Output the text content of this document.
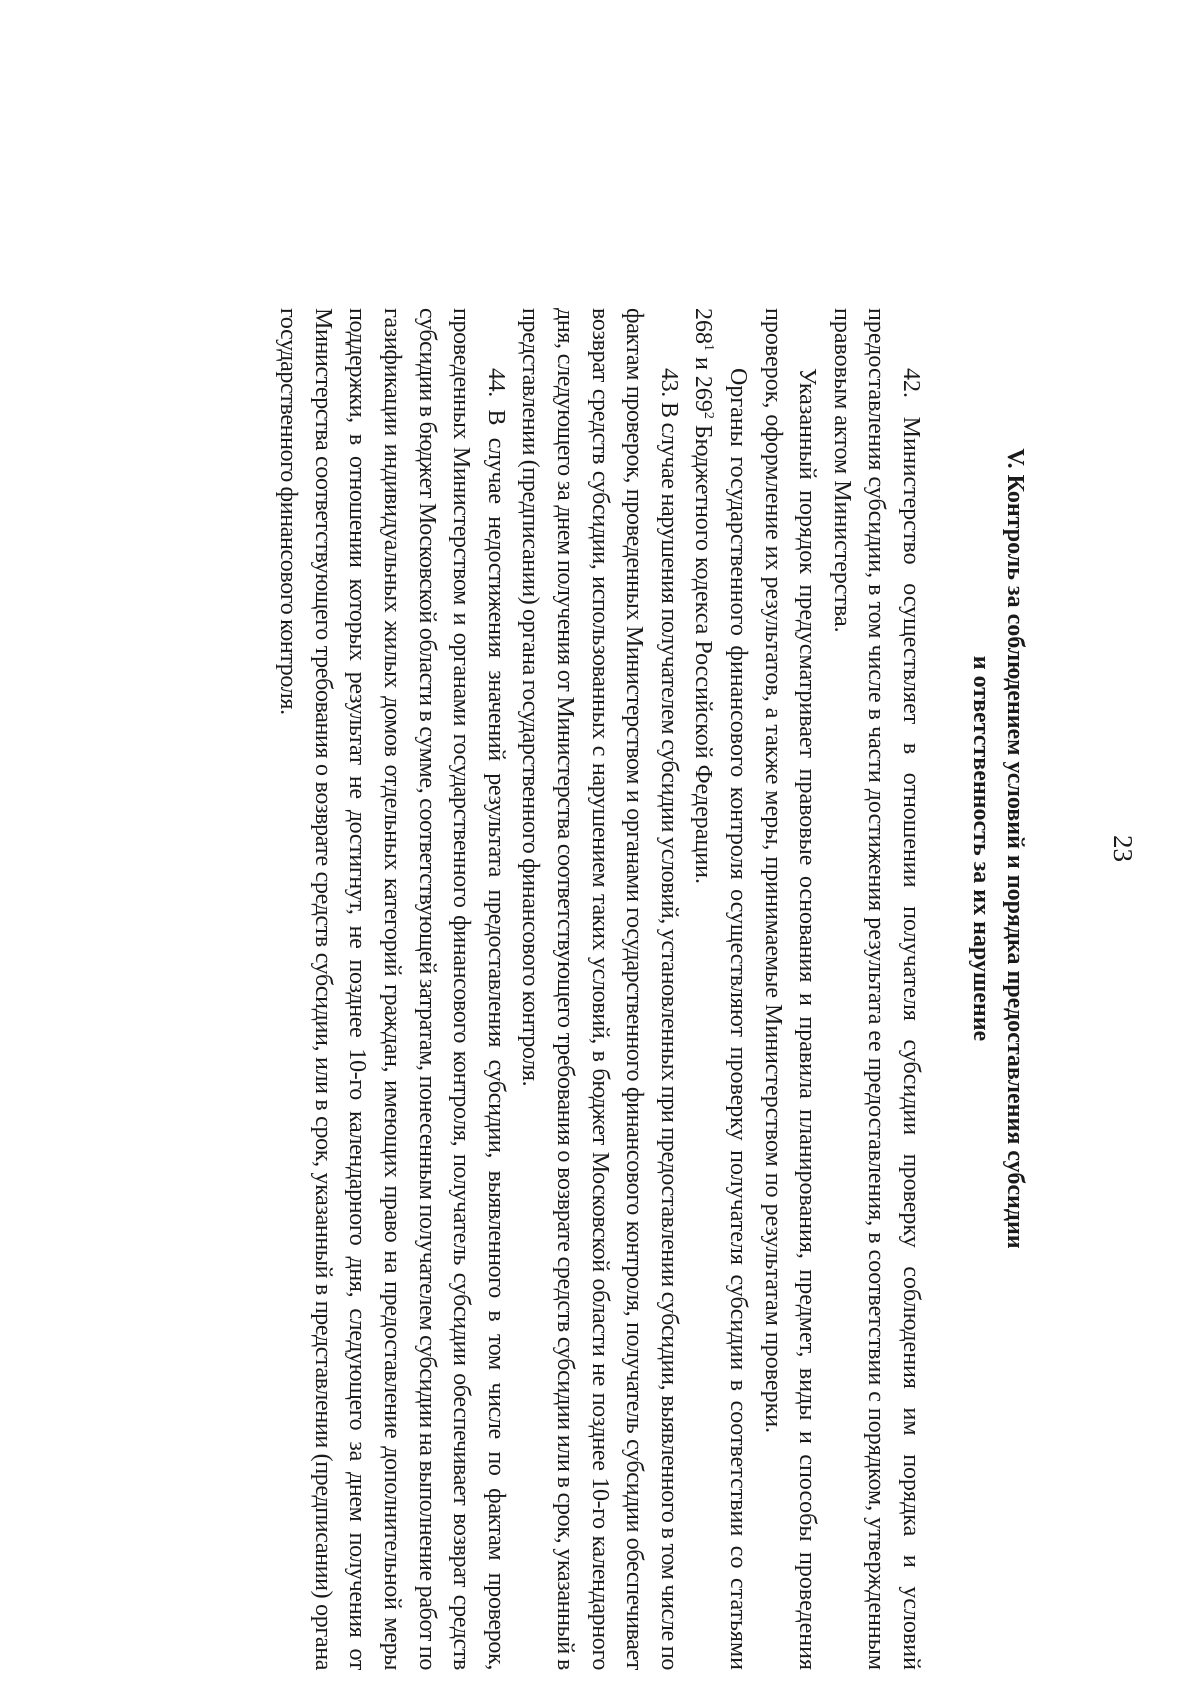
23
V. Контроль за соблюдением условий и порядка предоставления субсидии
и ответственность за их нарушение

42. Министерство осуществляет в отношении получателя субсидии проверку соблюдения им порядка и условий предоставления субсидии, в том числе в части достижения результата ее предоставления, в соответствии с порядком, утвержденным правовым актом Министерства.

Указанный порядок предусматривает правовые основания и правила планирования, предмет, виды и способы проведения проверок, оформление их результатов, а также меры, принимаемые Министерством по результатам проверки.

Органы государственного финансового контроля осуществляют проверку получателя субсидии в соответствии со статьями $268^1$ и $269^2$ Бюджетного кодекса Российской Федерации.

43. В случае нарушения получателем субсидии условий, установленных при предоставлении субсидии, выявленного в том числе по фактам проверок, проведенных Министерством и органами государственного финансового контроля, получатель субсидии обеспечивает возврат средств субсидии, использованных с нарушением таких условий, в бюджет Московской области не позднее 10-го календарного дня, следующего за днем получения от Министерства соответствующего требования о возврате средств субсидии или в срок, указанный в представлении (предписании) органа государственного финансового контроля.

44. В случае недостижения значений результата предоставления субсидии, выявленного в том числе по фактам проверок, проведенных Министерством и органами государственного финансового контроля, получатель субсидии обеспечивает возврат средств субсидии в бюджет Московской области в сумме, соответствующей затратам, понесенным получателем субсидии на выполнение работ по газификации индивидуальных жилых домов отдельных категорий граждан, имеющих право на предоставление дополнительной меры поддержки, в отношении которых результат не достигнут, не позднее 10-го календарного дня, следующего за днем получения от Министерства соответствующего требования о возврате средств субсидии, или в срок, указанный в представлении (предписании) органа государственного финансового контроля.
